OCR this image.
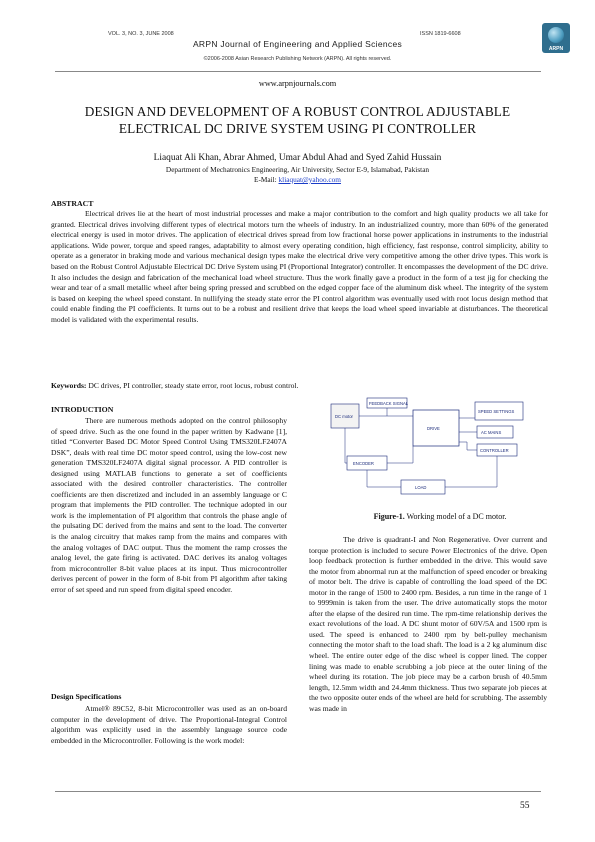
VOL. 3, NO. 3, JUNE 2008	ISSN 1819-6608
ARPN Journal of Engineering and Applied Sciences
©2006-2008 Asian Research Publishing Network (ARPN). All rights reserved.
ARPN
www.arpnjournals.com
DESIGN AND DEVELOPMENT OF A ROBUST CONTROL ADJUSTABLE
ELECTRICAL DC DRIVE SYSTEM USING PI CONTROLLER
Liaquat Ali Khan, Abrar Ahmed, Umar Abdul Ahad and Syed Zahid Hussain
Department of Mechatronics Engineering, Air University, Sector E-9, Islamabad, Pakistan
E-Mail: kliaquat@yahoo.com
ABSTRACT
Electrical drives lie at the heart of most industrial processes and make a major contribution to the comfort and high quality products we all take for granted. Electrical drives involving different types of electrical motors turn the wheels of industry. In an industrialized country, more than 60% of the generated electrical energy is used in motor drives. The application of electrical drives spread from low fractional horse power applications in instruments to the industrial applications. Wide power, torque and speed ranges, adaptability to almost every operating condition, high efficiency, fast response, control simplicity, ability to operate as a generator in braking mode and various mechanical design types make the electrical drive very competitive among the other drive types. This work is based on the Robust Control Adjustable Electrical DC Drive System using PI (Proportional Integrator) controller. It encompasses the development of the DC drive. It also includes the design and fabrication of the mechanical load wheel structure. Thus the work finally gave a product in the form of a test jig for checking the wear and tear of a small metallic wheel after being spring pressed and scrubbed on the edged copper face of the aluminum disk wheel. The integrity of the system is based on keeping the wheel speed constant. In nullifying the steady state error the PI control algorithm was eventually used with root locus design method that could enable finding the PI coefficients. It turns out to be a robust and resilient drive that keeps the load wheel speed invariable at disturbances. The theoretical model is validated with the experimental results.
Keywords: DC drives, PI controller, steady state error, root locus, robust control.
INTRODUCTION
There are numerous methods adopted on the control philosophy of speed drive. Such as the one found in the paper written by Kadwane [1], titled “Converter Based DC Motor Speed Control Using TMS320LF2407A DSK”, deals with real time DC motor speed control, using the low-cost new generation TMS320LF2407A digital signal processor. A PID controller is designed using MATLAB functions to generate a set of coefficients associated with the desired controller characteristics. The controller coefficients are then discretized and included in an assembly language or C program that implements the PID controller. The technique adopted in our work is the implementation of PI algorithm that controls the phase angle of the pulsating DC derived from the mains and sent to the load. The converter is the analog circuitry that makes ramp from the mains and compares with the analog voltages of DAC output. Thus the moment the ramp crosses the analog level, the gate firing is activated. DAC derives its analog voltages from microcontroller 8-bit value places at its input. Thus microcontroller derives percent of power in the form of 8-bit from PI algorithm after taking error of set speed and run speed from digital speed encoder.
Design Specifications
Atmel® 89C52, 8-bit Microcontroller was used as an on-board computer in the development of drive. The Proportional-Integral Control algorithm was explicitly used in the assembly language source code embedded in the Microcontroller. Following is the work model:
DC motor
FEEDBACK SIGNAL
DRIVE
SPEED SETTINGS
AC MAINS
CONTROLLER
ENCODER
LOAD
Figure-1. Working model of a DC motor.
The drive is quadrant-I and Non Regenerative. Over current and torque protection is included to secure Power Electronics of the drive. Open loop feedback protection is further embedded in the drive. This would save the motor from abnormal run at the malfunction of speed encoder or breaking of motor belt. The drive is capable of controlling the load speed of the DC motor in the range of 1500 to 2400 rpm. Besides, a run time in the range of 1 to 9999min is taken from the user. The drive automatically stops the motor after the elapse of the desired run time. The rpm-time relationship derives the exact revolutions of the load. A DC shunt motor of 60V/5A and 1500 rpm is used. The speed is enhanced to 2400 rpm by belt-pulley mechanism connecting the motor shaft to the load shaft. The load is a 2 kg aluminum disc wheel. The entire outer edge of the disc wheel is copper lined. The copper lining was made to enable scrubbing a job piece at the outer lining of the wheel during its rotation. The job piece may be a carbon brush of 40.5mm length, 12.5mm width and 24.4mm thickness. Thus two separate job pieces at the two opposite outer ends of the wheel are held for scrubbing. The assembly was made in
55
